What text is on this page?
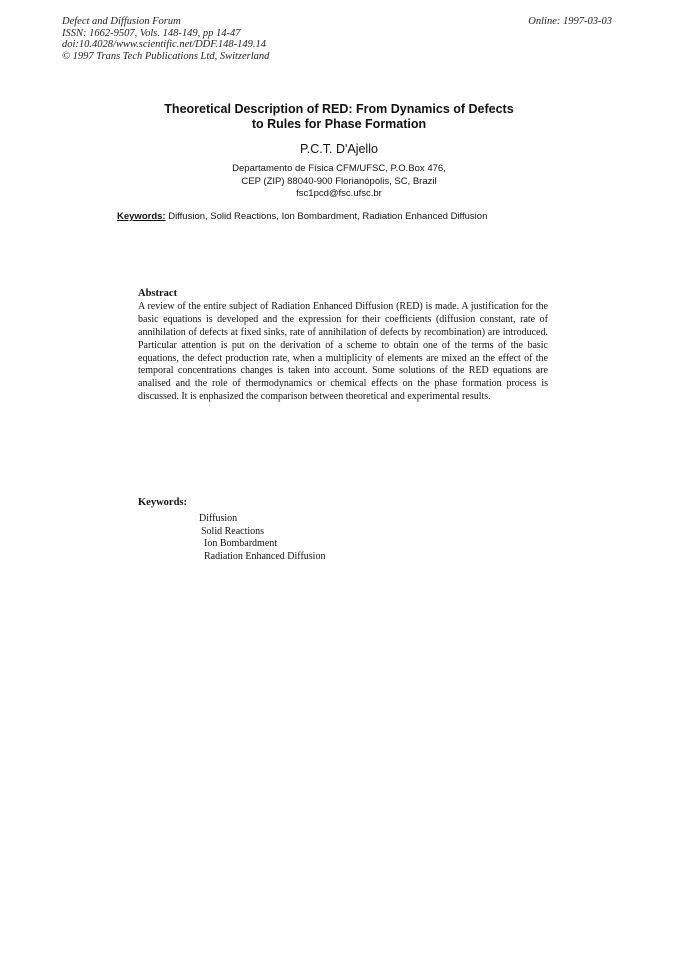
Defect and Diffusion Forum
ISSN: 1662-9507, Vols. 148-149, pp 14-47
doi:10.4028/www.scientific.net/DDF.148-149.14
© 1997 Trans Tech Publications Ltd, Switzerland
Online: 1997-03-03
Theoretical Description of RED: From Dynamics of Defects
to Rules for Phase Formation
P.C.T. D'Ajello
Departamento de Física CFM/UFSC, P.O.Box 476,
CEP (ZIP) 88040-900 Florianópolis, SC, Brazil
fsc1pcd@fsc.ufsc.br
Keywords: Diffusion, Solid Reactions, Ion Bombardment, Radiation Enhanced Diffusion
Abstract
A review of the entire subject of Radiation Enhanced Diffusion (RED) is made. A justification for the basic equations is developed and the expression for their coefficients (diffusion constant, rate of annihilation of defects at fixed sinks, rate of annihilation of defects by recombination) are introduced. Particular attention is put on the derivation of a scheme to obtain one of the terms of the basic equations, the defect production rate, when a multiplicity of elements are mixed an the effect of the temporal concentrations changes is taken into account. Some solutions of the RED equations are analised and the role of thermodynamics or chemical effects on the phase formation process is discussed. It is enphasized the comparison between theoretical and experimental results.
Keywords:
Diffusion
Solid Reactions
Ion Bombardment
Radiation Enhanced Diffusion
